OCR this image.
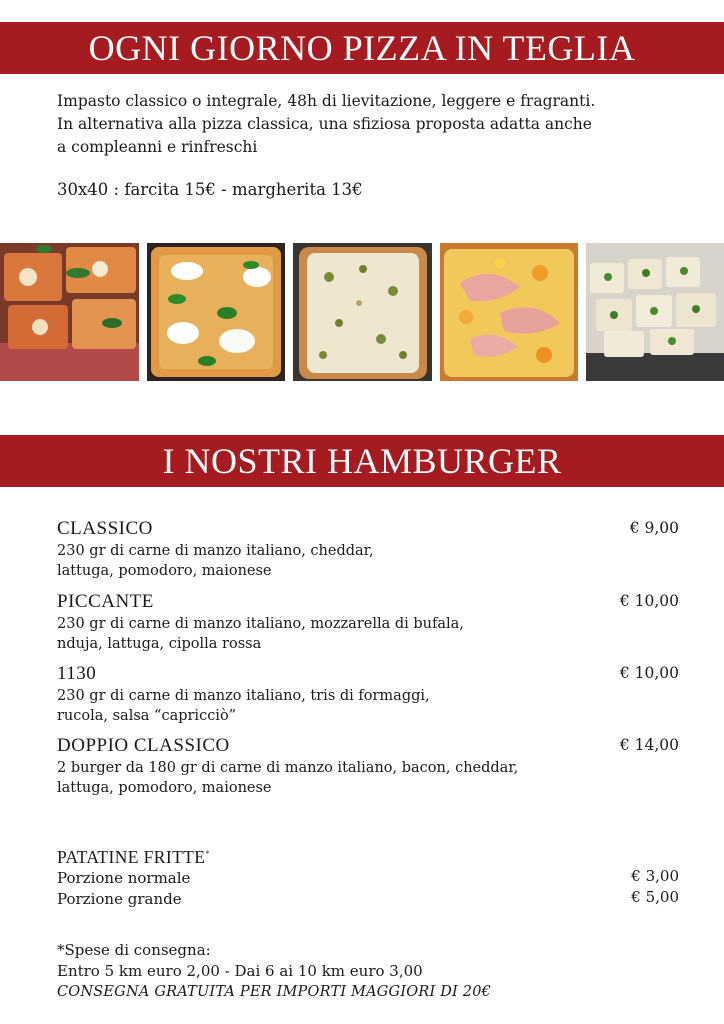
OGNI GIORNO PIZZA IN TEGLIA
Impasto classico o integrale, 48h di lievitazione, leggere e fragranti.
In alternativa alla pizza classica, una sfiziosa proposta adatta anche
a compleanni e rinfreschi
30x40 : farcita 15€ - margherita 13€
I NOSTRI HAMBURGER
CLASSICO	€ 9,00
230 gr di carne di manzo italiano, cheddar,
lattuga, pomodoro, maionese
PICCANTE	€ 10,00
230 gr di carne di manzo italiano, mozzarella di bufala,
nduja, lattuga, cipolla rossa
1130	€ 10,00
230 gr di carne di manzo italiano, tris di formaggi,
rucola, salsa “capricciò”
DOPPIO CLASSICO	€ 14,00
2 burger da 180 gr di carne di manzo italiano, bacon, cheddar,
lattuga, pomodoro, maionese
PATATINE FRITTE*
Porzione normale	€ 3,00
Porzione grande	€ 5,00
*Spese di consegna:
Entro 5 km euro 2,00 - Dai 6 ai 10 km euro 3,00
CONSEGNA GRATUITA PER IMPORTI MAGGIORI DI 20€
